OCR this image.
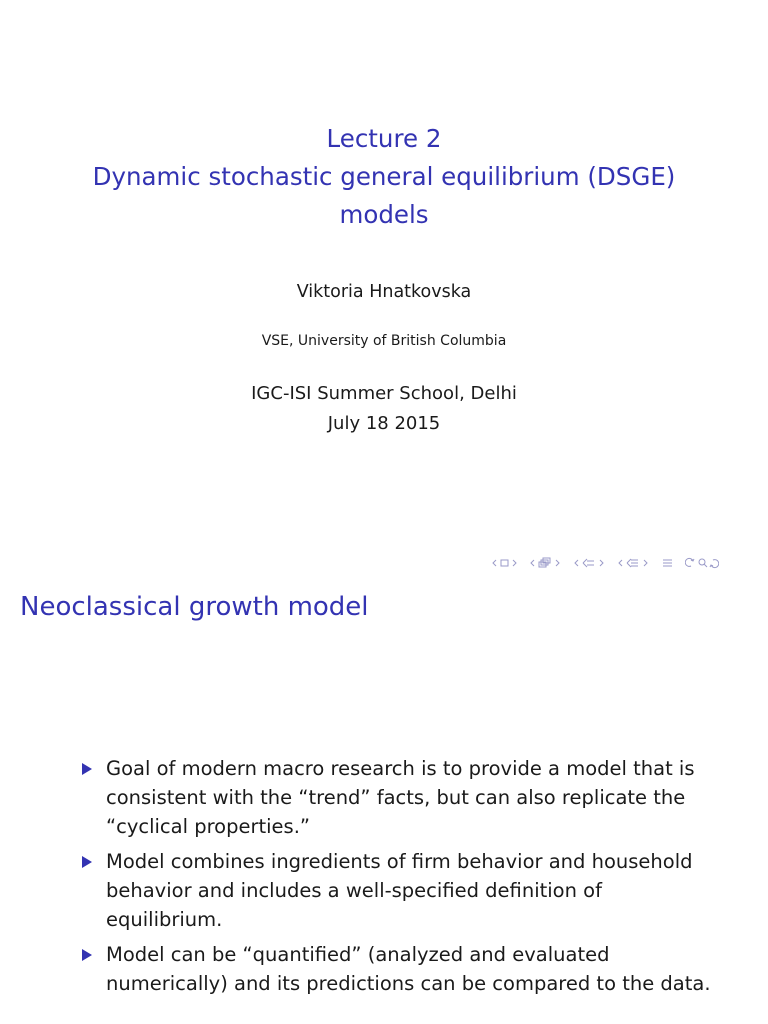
Lecture 2
Dynamic stochastic general equilibrium (DSGE)
models
Viktoria Hnatkovska
VSE, University of British Columbia
IGC-ISI Summer School, Delhi
July 18 2015
Neoclassical growth model
Goal of modern macro research is to provide a model that is
consistent with the “trend” facts, but can also replicate the
“cyclical properties.”
Model combines ingredients of firm behavior and household
behavior and includes a well-specified definition of equilibrium.
Model can be “quantified” (analyzed and evaluated
numerically) and its predictions can be compared to the data.
